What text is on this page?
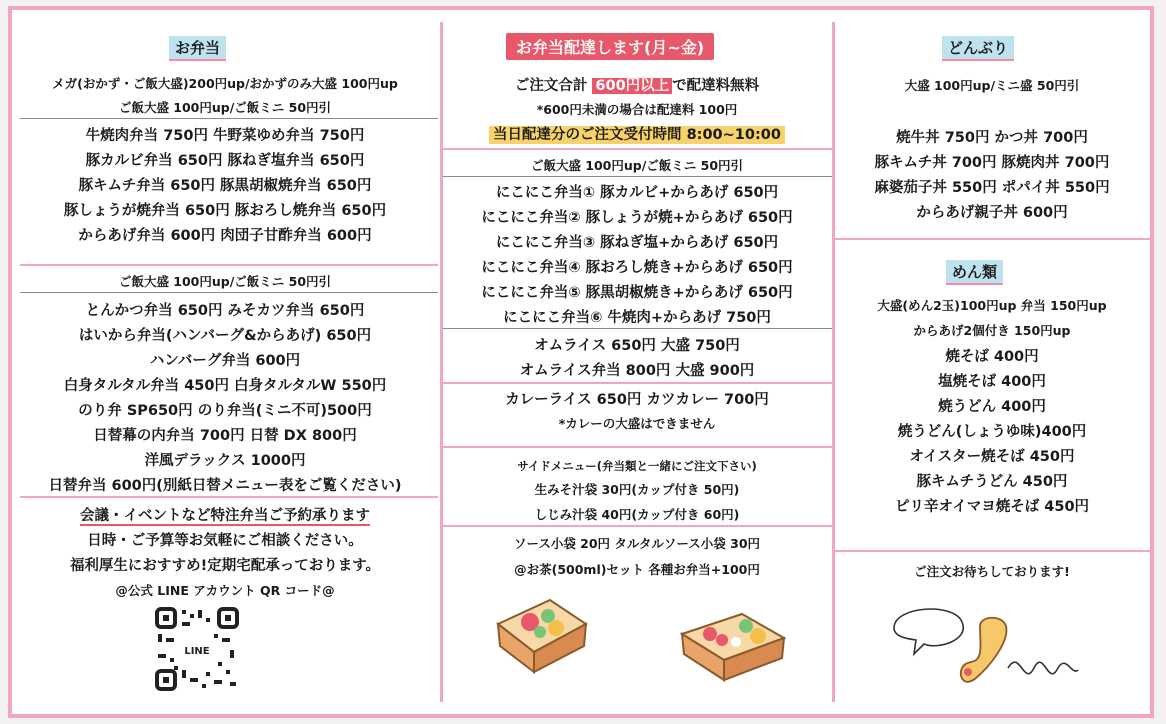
お弁当
メガ(おかず・ご飯大盛)200円up/おかずのみ大盛 100円up
ご飯大盛 100円up/ご飯ミニ 50円引
牛焼肉弁当 750円 牛野菜ゆめ弁当 750円
豚カルビ弁当 650円 豚ねぎ塩弁当 650円
豚キムチ弁当 650円 豚黒胡椒焼弁当 650円
豚しょうが焼弁当 650円 豚おろし焼弁当 650円
からあげ弁当 600円 肉団子甘酢弁当 600円
ご飯大盛 100円up/ご飯ミニ 50円引
とんかつ弁当 650円 みそカツ弁当 650円
はいから弁当(ハンバーグ&からあげ) 650円
ハンバーグ弁当 600円
白身タルタル弁当 450円 白身タルタルW 550円
のり弁 SP650円 のり弁当(ミニ不可)500円
日替幕の内弁当 700円 日替 DX 800円
洋風デラックス 1000円
日替弁当 600円(別紙日替メニュー表をご覧ください)
会議・イベントなど特注弁当ご予約承ります
日時・ご予算等お気軽にご相談ください。
福利厚生におすすめ!定期宅配承っております。
@公式 LINE アカウント QR コード@
LINE
お弁当配達します(月~金)
ご注文合計 600円以上 で配達料無料
*600円未満の場合は配達料 100円
当日配達分のご注文受付時間 8:00~10:00
ご飯大盛 100円up/ご飯ミニ 50円引
にこにこ弁当① 豚カルビ+からあげ 650円
にこにこ弁当② 豚しょうが焼+からあげ 650円
にこにこ弁当③ 豚ねぎ塩+からあげ 650円
にこにこ弁当④ 豚おろし焼き+からあげ 650円
にこにこ弁当⑤ 豚黒胡椒焼き+からあげ 650円
にこにこ弁当⑥ 牛焼肉+からあげ 750円
オムライス 650円 大盛 750円
オムライス弁当 800円 大盛 900円
カレーライス 650円 カツカレー 700円
*カレーの大盛はできません
サイドメニュー(弁当類と一緒にご注文下さい)
生みそ汁袋 30円(カップ付き 50円)
しじみ汁袋 40円(カップ付き 60円)
ソース小袋 20円 タルタルソース小袋 30円
@お茶(500ml)セット 各種お弁当+100円
どんぶり
大盛 100円up/ミニ盛 50円引
焼牛丼 750円 かつ丼 700円
豚キムチ丼 700円 豚焼肉丼 700円
麻婆茄子丼 550円 ポパイ丼 550円
からあげ親子丼 600円
めん類
大盛(めん2玉)100円up 弁当 150円up
からあげ2個付き 150円up
焼そば 400円
塩焼そば 400円
焼うどん 400円
焼うどん(しょうゆ味)400円
オイスター焼そば 450円
豚キムチうどん 450円
ピリ辛オイマヨ焼そば 450円
ご注文お待ちしております!
